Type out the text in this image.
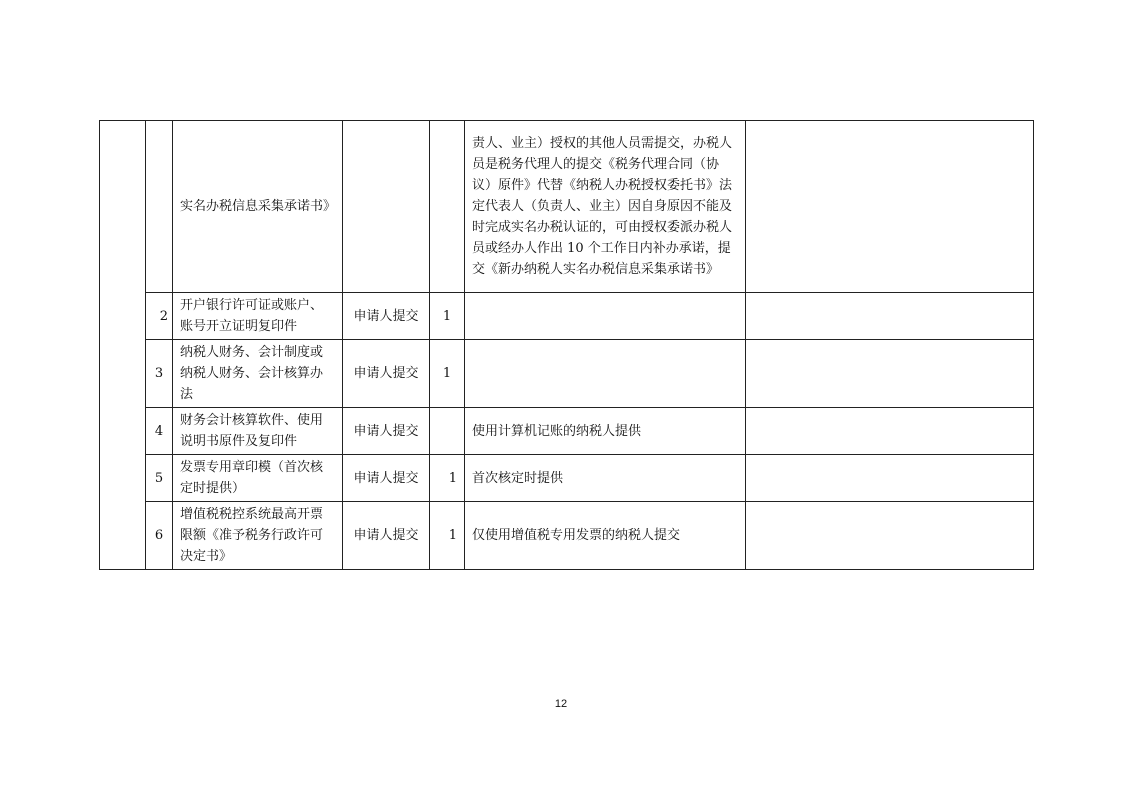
		实名办税信息采集承诺书》			责人、业主）授权的其他人员需提交，办税人员是税务代理人的提交《税务代理合同（协议）原件》代替《纳税人办税授权委托书》法定代表人（负责人、业主）因自身原因不能及时完成实名办税认证的，可由授权委派办税人员或经办人作出 10 个工作日内补办承诺，提交《新办纳税人实名办税信息采集承诺书》	

	2	开户银行许可证或账户、账号开立证明复印件	申请人提交	1		
	3	纳税人财务、会计制度或纳税人财务、会计核算办法	申请人提交	1		
	4	财务会计核算软件、使用说明书原件及复印件	申请人提交		使用计算机记账的纳税人提供	
	5	发票专用章印模（首次核定时提供）	申请人提交	1	首次核定时提供	
	6	增值税税控系统最高开票限额《准予税务行政许可决定书》	申请人提交	1	仅使用增值税专用发票的纳税人提交	
12
